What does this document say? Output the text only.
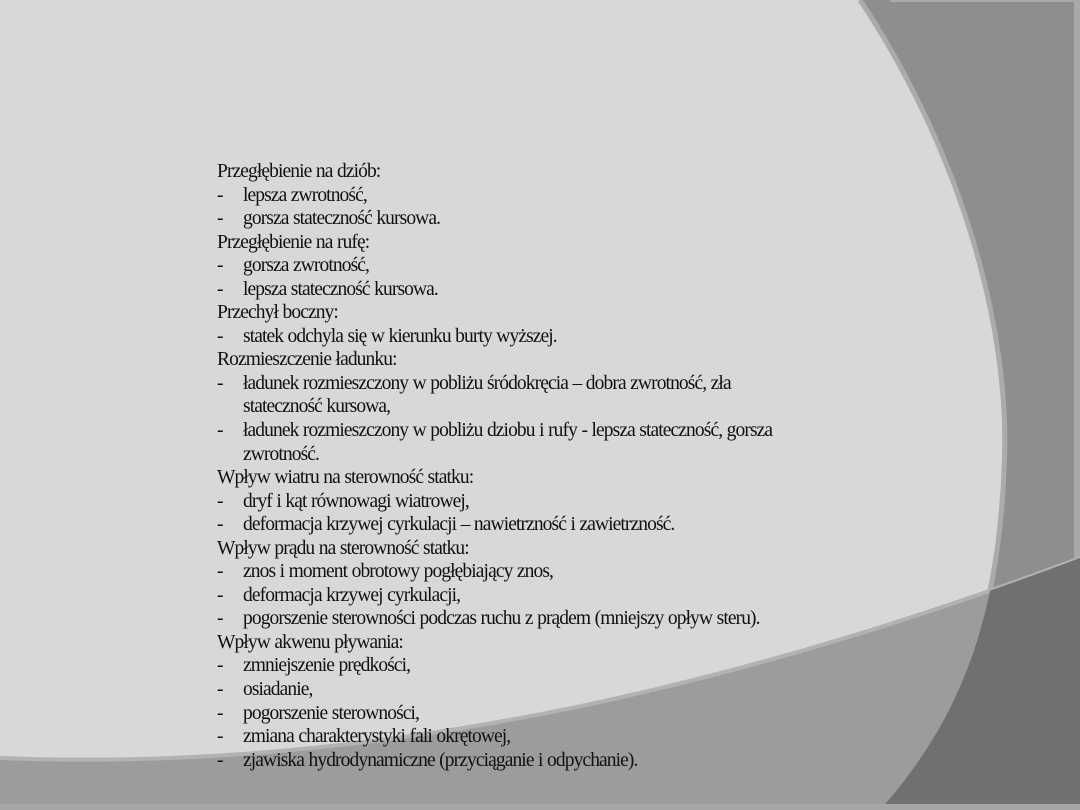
Przegłębienie na dziób:
- lepsza zwrotność,
- gorsza stateczność kursowa.
Przegłębienie na rufę:
- gorsza zwrotność,
- lepsza stateczność kursowa.
Przechył boczny:
- statek odchyla się w kierunku burty wyższej.
Rozmieszczenie ładunku:
- ładunek rozmieszczony w pobliżu śródokręcia – dobra zwrotność, zła stateczność kursowa,
- ładunek rozmieszczony w pobliżu dziobu i rufy - lepsza stateczność, gorsza zwrotność.
Wpływ wiatru na sterowność statku:
- dryf i kąt równowagi wiatrowej,
- deformacja krzywej cyrkulacji – nawietrzność i zawietrzność.
Wpływ prądu na sterowność statku:
- znos i moment obrotowy pogłębiający znos,
- deformacja krzywej cyrkulacji,
- pogorszenie sterowności podczas ruchu z prądem (mniejszy opływ steru).
Wpływ akwenu pływania:
- zmniejszenie prędkości,
- osiadanie,
- pogorszenie sterowności,
- zmiana charakterystyki fali okrętowej,
- zjawiska hydrodynamiczne (przyciąganie i odpychanie).
